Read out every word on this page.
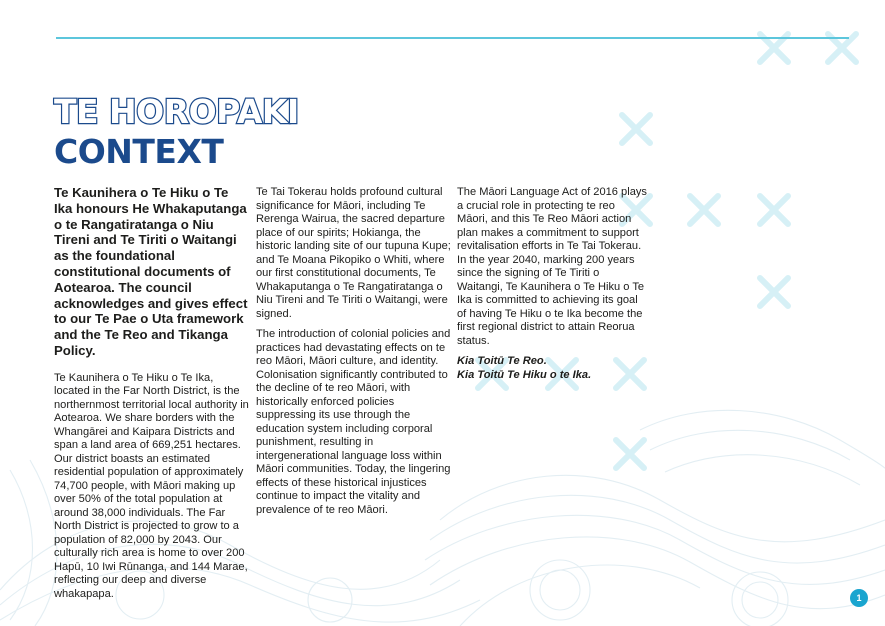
TE HOROPAKI
CONTEXT

Te Kaunihera o Te Hiku o Te Ika honours He Whakaputanga o te Rangatiratanga o Niu Tireni and Te Tiriti o Waitangi as the foundational constitutional documents of Aotearoa. The council acknowledges and gives effect to our Te Pae o Uta framework and the Te Reo and Tikanga Policy.

Te Kaunihera o Te Hiku o Te Ika, located in the Far North District, is the northernmost territorial local authority in Aotearoa. We share borders with the Whangārei and Kaipara Districts and span a land area of 669,251 hectares. Our district boasts an estimated residential population of approximately 74,700 people, with Māori making up over 50% of the total population at around 38,000 individuals. The Far North District is projected to grow to a population of 82,000 by 2043. Our culturally rich area is home to over 200 Hapū, 10 Iwi Rūnanga, and 144 Marae, reflecting our deep and diverse whakapapa.

Te Tai Tokerau holds profound cultural significance for Māori, including Te Rerenga Wairua, the sacred departure place of our spirits; Hokianga, the historic landing site of our tupuna Kupe; and Te Moana Pikopiko o Whiti, where our first constitutional documents, Te Whakaputanga o Te Rangatiratanga o Niu Tireni and Te Tiriti o Waitangi, were signed.

The introduction of colonial policies and practices had devastating effects on te reo Māori, Māori culture, and identity. Colonisation significantly contributed to the decline of te reo Māori, with historically enforced policies suppressing its use through the education system including corporal punishment, resulting in intergenerational language loss within Māori communities. Today, the lingering effects of these historical injustices continue to impact the vitality and prevalence of te reo Māori.

The Māori Language Act of 2016 plays a crucial role in protecting te reo Māori, and this Te Reo Māori action plan makes a commitment to support revitalisation efforts in Te Tai Tokerau. In the year 2040, marking 200 years since the signing of Te Tiriti o Waitangi, Te Kaunihera o Te Hiku o Te Ika is committed to achieving its goal of having Te Hiku o te Ika become the first regional district to attain Reorua status.

Kia Toitū Te Reo.

Kia Toitū Te Hiku o te Ika.

1
